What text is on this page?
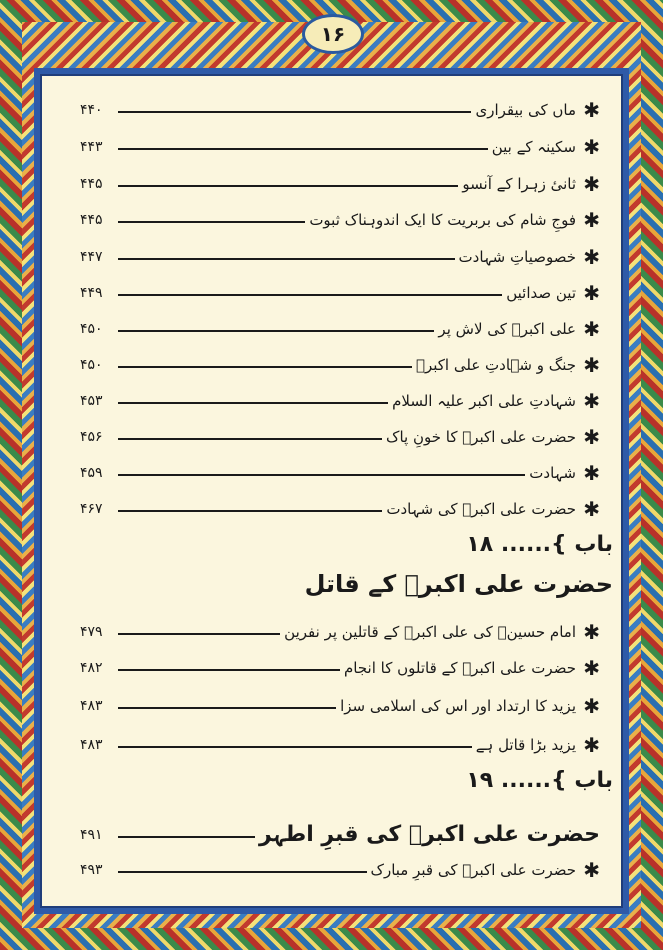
۱۶
✱
ماں کی بیقراری
۴۴۰
✱
سکینہ کے بین
۴۴۳
✱
ثانیٔ زہرا کے آنسو
۴۴۵
✱
فوجِ شام کی بربریت کا ایک اندوہناک ثبوت
۴۴۵
✱
خصوصیاتِ شہادت
۴۴۷
✱
تین صدائیں
۴۴۹
✱
علی اکبرؑ کی لاش پر
۴۵۰
✱
جنگ و شہادتِ علی اکبرؑ
۴۵۰
✱
شہادتِ علی اکبر علیہ السلام
۴۵۳
✱
حضرت علی اکبرؑ کا خونِ پاک
۴۵۶
✱
شہادت
۴۵۹
✱
حضرت علی اکبرؑ کی شہادت
۴۶۷
باب }...... ۱۸
حضرت علی اکبرؑ کے قاتل
✱
امام حسینؑ کی علی اکبرؑ کے قاتلین پر نفرین
۴۷۹
✱
حضرت علی اکبرؑ کے قاتلوں کا انجام
۴۸۲
✱
یزید کا ارتداد اور اس کی اسلامی سزا
۴۸۳
✱
یزید بڑا قاتل ہے
۴۸۳
باب }...... ۱۹
حضرت علی اکبرؑ کی قبرِ اطہر
۴۹۱
✱
حضرت علی اکبرؑ کی قبرِ مبارک
۴۹۳
